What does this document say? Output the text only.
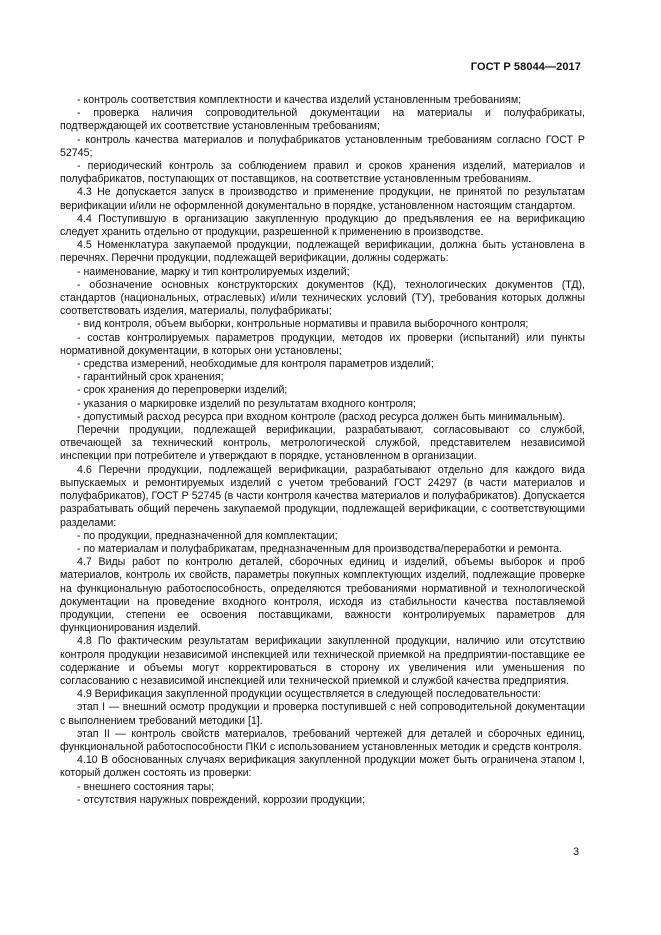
ГОСТ Р 58044—2017

- контроль соответствия комплектности и качества изделий установленным требованиям;

- проверка наличия сопроводительной документации на материалы и полуфабрикаты, подтверждающей их соответствие установленным требованиям;

- контроль качества материалов и полуфабрикатов установленным требованиям согласно ГОСТ Р 52745;

- периодический контроль за соблюдением правил и сроков хранения изделий, материалов и полуфабрикатов, поступающих от поставщиков, на соответствие установленным требованиям.

4.3 Не допускается запуск в производство и применение продукции, не принятой по результатам верификации и/или не оформленной документально в порядке, установленном настоящим стандартом.

4.4 Поступившую в организацию закупленную продукцию до предъявления ее на верификацию следует хранить отдельно от продукции, разрешенной к применению в производстве.

4.5 Номенклатура закупаемой продукции, подлежащей верификации, должна быть установлена в перечнях. Перечни продукции, подлежащей верификации, должны содержать:

- наименование, марку и тип контролируемых изделий;

- обозначение основных конструкторских документов (КД), технологических документов (ТД), стандартов (национальных, отраслевых) и/или технических условий (ТУ), требования которых должны соответствовать изделия, материалы, полуфабрикаты;

- вид контроля, объем выборки, контрольные нормативы и правила выборочного контроля;

- состав контролируемых параметров продукции, методов их проверки (испытаний) или пункты нормативной документации, в которых они установлены;

- средства измерений, необходимые для контроля параметров изделий;

- гарантийный срок хранения;

- срок хранения до перепроверки изделий;

- указания о маркировке изделий по результатам входного контроля;

- допустимый расход ресурса при входном контроле (расход ресурса должен быть минимальным).

Перечни продукции, подлежащей верификации, разрабатывают, согласовывают со службой, отвечающей за технический контроль, метрологической службой, представителем независимой инспекции при потребителе и утверждают в порядке, установленном в организации.

4.6 Перечни продукции, подлежащей верификации, разрабатывают отдельно для каждого вида выпускаемых и ремонтируемых изделий с учетом требований ГОСТ 24297 (в части материалов и полуфабрикатов), ГОСТ Р 52745 (в части контроля качества материалов и полуфабрикатов). Допускается разрабатывать общий перечень закупаемой продукции, подлежащей верификации, с соответствующими разделами:

- по продукции, предназначенной для комплектации;

- по материалам и полуфабрикатам, предназначенным для производства/переработки и ремонта.

4.7 Виды работ по контролю деталей, сборочных единиц и изделий, объемы выборок и проб материалов, контроль их свойств, параметры покупных комплектующих изделий, подлежащие проверке на функциональную работоспособность, определяются требованиями нормативной и технологической документации на проведение входного контроля, исходя из стабильности качества поставляемой продукции, степени ее освоения поставщиками, важности контролируемых параметров для функционирования изделий.

4.8 По фактическим результатам верификации закупленной продукции, наличию или отсутствию контроля продукции независимой инспекцией или технической приемкой на предприятии-поставщике ее содержание и объемы могут корректироваться в сторону их увеличения или уменьшения по согласованию с независимой инспекцией или технической приемкой и службой качества предприятия.

4.9 Верификация закупленной продукции осуществляется в следующей последовательности:

этап I — внешний осмотр продукции и проверка поступившей с ней сопроводительной документации с выполнением требований методики [1].

этап II — контроль свойств материалов, требований чертежей для деталей и сборочных единиц, функциональной работоспособности ПКИ с использованием установленных методик и средств контроля.

4.10 В обоснованных случаях верификация закупленной продукции может быть ограничена этапом I, который должен состоять из проверки:

- внешнего состояния тары;

- отсутствия наружных повреждений, коррозии продукции;

3
